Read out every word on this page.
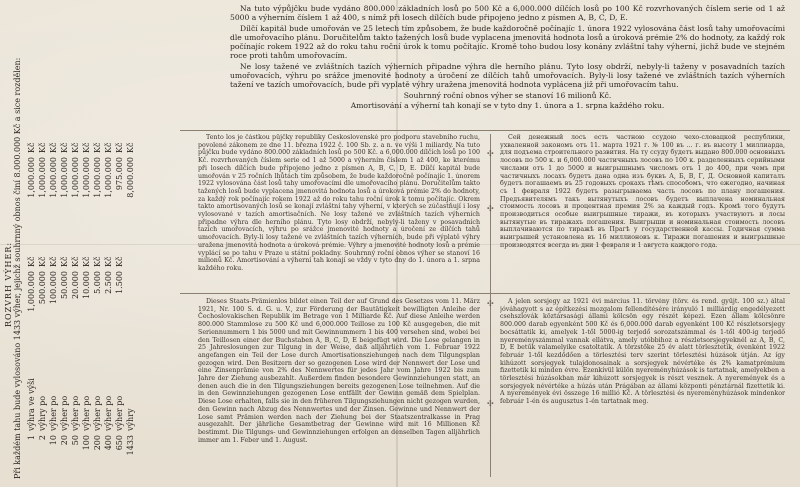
ROZVRH VÝHER: Při každém tahu bude vylosováno 1433 výher, jejichž souhrnný obnos činí 8.000.000 Kč a sice rozdělen: 1 2 10 20 50 100 200 400 650 1433
výhra ve výši výhry po výher po výher po výher po výher po výher po výher po výher po výhry
1,000.000 500.000 100.000 50.000 20.000 10.000 5.000 2.500 1.500
Kč Kč Kč Kč Kč Kč Kč Kč Kč
1,000.000 1,000.000 1,000.000 1,000.000 1,000.000 1,000.000 1,000.000 1,000.000 975.000 8,000.000
Kč Kč Kč Kč Kč Kč Kč Kč Kč Kč

Na tuto výpůjčku bude vydáno 800.000 základních losů po 500 Kč a 6,000.000 dílčích losů po 100 Kč rozvrhovaných číslem serie od 1 až 5000 a výherním číslem 1 až 400, s nímž při losech dílčích bude připojeno jedno z písmen A, B, C, D, E.

Dílčí kapitál bude umořován ve 25 letech tím způsobem, že bude každoročně počínajíc 1. února 1922 vylosována část losů tahy umořovacími dle umořovacího plánu. Doručitelům takto tažených losů bude vyplacena jmenovitá hodnota losů a úroková prémie 2% do hodnoty, za každý rok počínajíc rokem 1922 až do roku tahu roční úrok k tomu počítajíc. Kromě toho budou losy konány zvláštní tahy výherní, jichž bude ve stejném roce proti tahům umořovacím.

Ne losy tažené ve zvláštních tazích výherních připadne výhra dle herního plánu. Tyto losy obdrží, nebyly-li taženy v posavadních tazích umořovacích, výhru po srážce jmenovité hodnoty a úročení ze dílčích tahů umořovacích. Byly-li losy tažené ve zvláštních tazích výherních tažení ve tazích umořovacích, bude při vyplatě výhry uražena jmenovitá hodnota vyplácena již při umořovacím tahu.

Souhrnný roční obnos výher se stanoví 16 milionů Kč.

Amortisování a výherní tah konají se v tyto dny 1. února a 1. srpna každého roku.

✣
✣
✣
✣

Tento los je částkou půjčky republiky Československé pro podporu stavebního ruchu, povolené zákonem ze dne 11. března 1922 č. 100 Sb. z. a n. ve výši 1 miliardy. Na tuto půjčku bude vydáno 800.000 základních losů po 500 Kč. a 6,000.000 dílčích losů po 100 Kč. rozvrhovaných číslem serie od 1 až 5000 a výherním číslem 1 až 400, ke kterému při losech dílčích bude připojeno jedno z písmen A, B, C, D, E. Dílčí kapitál bude umořován v 25 ročních lhůtách tím způsobem, že bude každoročně počínajíc 1. únorem 1922 vylosována část losů tahy umořovacími dle umořovacího plánu. Doručitelům takto tažených losů bude vyplacena jmenovitá hodnota losů a úroková prémie 2% do hodnoty, za každý rok počínajíc rokem 1922 až do roku tahu roční úrok k tomu počítajíc. Okrem takto amortisovaných losů se konají zvláštní tahy výherní, v kterých se zúčastňují i losy vylosované v tazích amortisačních. Ne losy tažené ve zvláštních tazích výherních připadne výhra dle herního plánu. Tyto losy obdrží, nebyly-li taženy v posavadních tazích umořovacích, výhru po srážce jmenovité hodnoty a úročení ze dílčích tahů umořovacích. Byly-li losy tažené ve zvláštních tazích výherních, bude při výplatě výhry uražena jmenovitá hodnota a úroková prémie. Výhry a jmenovité hodnoty losů a prémie vyplácí se po tahu v Praze u státní pokladny. Souhrnný roční obnos výher se stanoví 16 milionů Kč. Amortisování a výherní tah konají se vždy v tyto dny do 1. února a 1. srpna každého roku.

Сей денежный лосъ есть частною ссудою чехо-словацкой республики, ухваленной закономъ отъ 11. марта 1921 г. № 100 въ ... г. въ высоту 1 миллиарда, для подъема строительного развития. На ту ссуду будетъ выдано 800.000 основныхъ лосовъ по 500 к. и 6,000.000 частичныхъ лосовъ по 100 к. разделенныхъ серийными числами отъ 1 до 5000 и выигрышнымъ числомъ отъ 1 до 400, при чемъ при частичныхъ лосахъ будетъ дана одна изъ буквъ А, Б, В, Г, Д. Основной капиталъ будетъ погашаемъ въ 25 годовыхъ срокахъ тѣмъ способомъ, что ежегодно, начиная съ 1 февраля 1922 будетъ разыгрываема часть лосовъ по плану погашения. Предъявителямъ такъ вытянутыхъ лосовъ будетъ выплачена номинальная стоимость лосовъ и процентная премия 2% за каждый годъ. Кромѣ того будутъ производиться особые выигрышные тиражи, въ которыхъ участвуютъ и лосы вытянутые въ тиражахъ погашения. Выигрыши и номинальная стоимость лосовъ выплачиваются по тиражѣ въ Прагѣ у государственной кассы. Годичная сумма выигрышей установлена въ 16 миллионовъ к. Тиражи погашения и выигрышные производятся всегда въ дни 1 февраля и 1 августа каждого года.

Dieses Staats-Prämienlos bildet einen Teil der auf Grund des Gesetzes vom 11. März 1921, Nr. 100 S. d. G. u. V., zur Förderung der Bautätigkeit bewilligten Anleihe der Čechoslovakischen Republik im Betrage von 1 Milliarde Kč. Auf diese Anleihe werden 800.000 Stammlose zu 500 Kč und 6,000.000 Teillose zu 100 Kč ausgegeben, die mit Seriennummern 1 bis 5000 und mit Gewinnummern 1 bis 400 versehen sind, wobei bei den Teillosen einer der Buchstaben A, B, C, D, E beigefügt wird. Die Lose gelangen in 25 Jahreslosungen zur Tilgung in der Weise, daß alljährlich vom 1. Februar 1922 angefangen ein Teil der Lose durch Amortisationsziehungen nach dem Tilgungsplan gezogen wird. Den Besitzern der so gezogenen Lose wird der Nennwert der Lose und eine Zinsenprämie von 2% des Nennwertes für jedes Jahr vom Jahre 1922 bis zum Jahre der Ziehung ausbezahlt. Außerdem finden besondere Gewinnziehungen statt, an denen auch die in den Tilgungsziehungen bereits gezogenen Lose teilnehmen. Auf die in den Gewinnziehungen gezogenen Lose entfällt der Gewinn gemäß dem Spielplan. Diese Lose erhalten, falls sie in den früheren Tilgungsziehungen nicht gezogen wurden, den Gewinn nach Abzug des Nennwertes und der Zinsen. Gewinne und Nennwert der Lose samt Prämien werden nach der Ziehung bei der Staatszentralkasse in Prag ausgezahlt. Der jährliche Gesamtbetrag der Gewinne wird mit 16 Millionen Kč bestimmt. Die Tilgungs- und Gewinnziehungen erfolgen an denselben Tagen alljährlich immer am 1. Feber und 1. August.

A jelen sorsjegy az 1921 évi március 11. törvény (törv. és rend. gyűjt. 100 sz.) által jóváhagyott s az építkezési mozgalom fellendítésére irányuló 1 milliárdig engedélyezett csehszlovák köztársasági állami kölcsön egy részét képezi. Ezen állam kölcsönre 800.000 darab egyenként 500 Kč és 6,000.000 darab egyenként 100 Kč részletsorsjegy bocsáttatik ki, amelyek 1-től 5000-ig terjedő sorozatszámmal és 1-től 400-ig terjedő nyereményszámmal vannak ellátva, amely utóbbihoz a részletsorsjegyeknél az A, B, C, D, E betűk valamelyike csatoltatik. A törzstőke 25 év alatt törlesztetik, évenként 1922 február 1-től kezdődően a törlesztési terv szerint törlesztési húzások útján. Az így kihúzott sorsjegyek tulajdonosainak a sorsjegyek névértéke és 2% kamatprémium fizettetik ki minden évre. Ezenkívül külön nyereményhúzások is tartatnak, amelyekben a törlesztési húzásokban már kihúzott sorsjegyek is részt vesznek. A nyeremények és a sorsjegyek névértéke a húzás után Prágában az állami központi pénztárnál fizettetik ki. A nyeremények évi összege 16 millió Kč. A törlesztési és nyereményhúzások mindenkor február 1-én és augusztus 1-én tartatnak meg.
